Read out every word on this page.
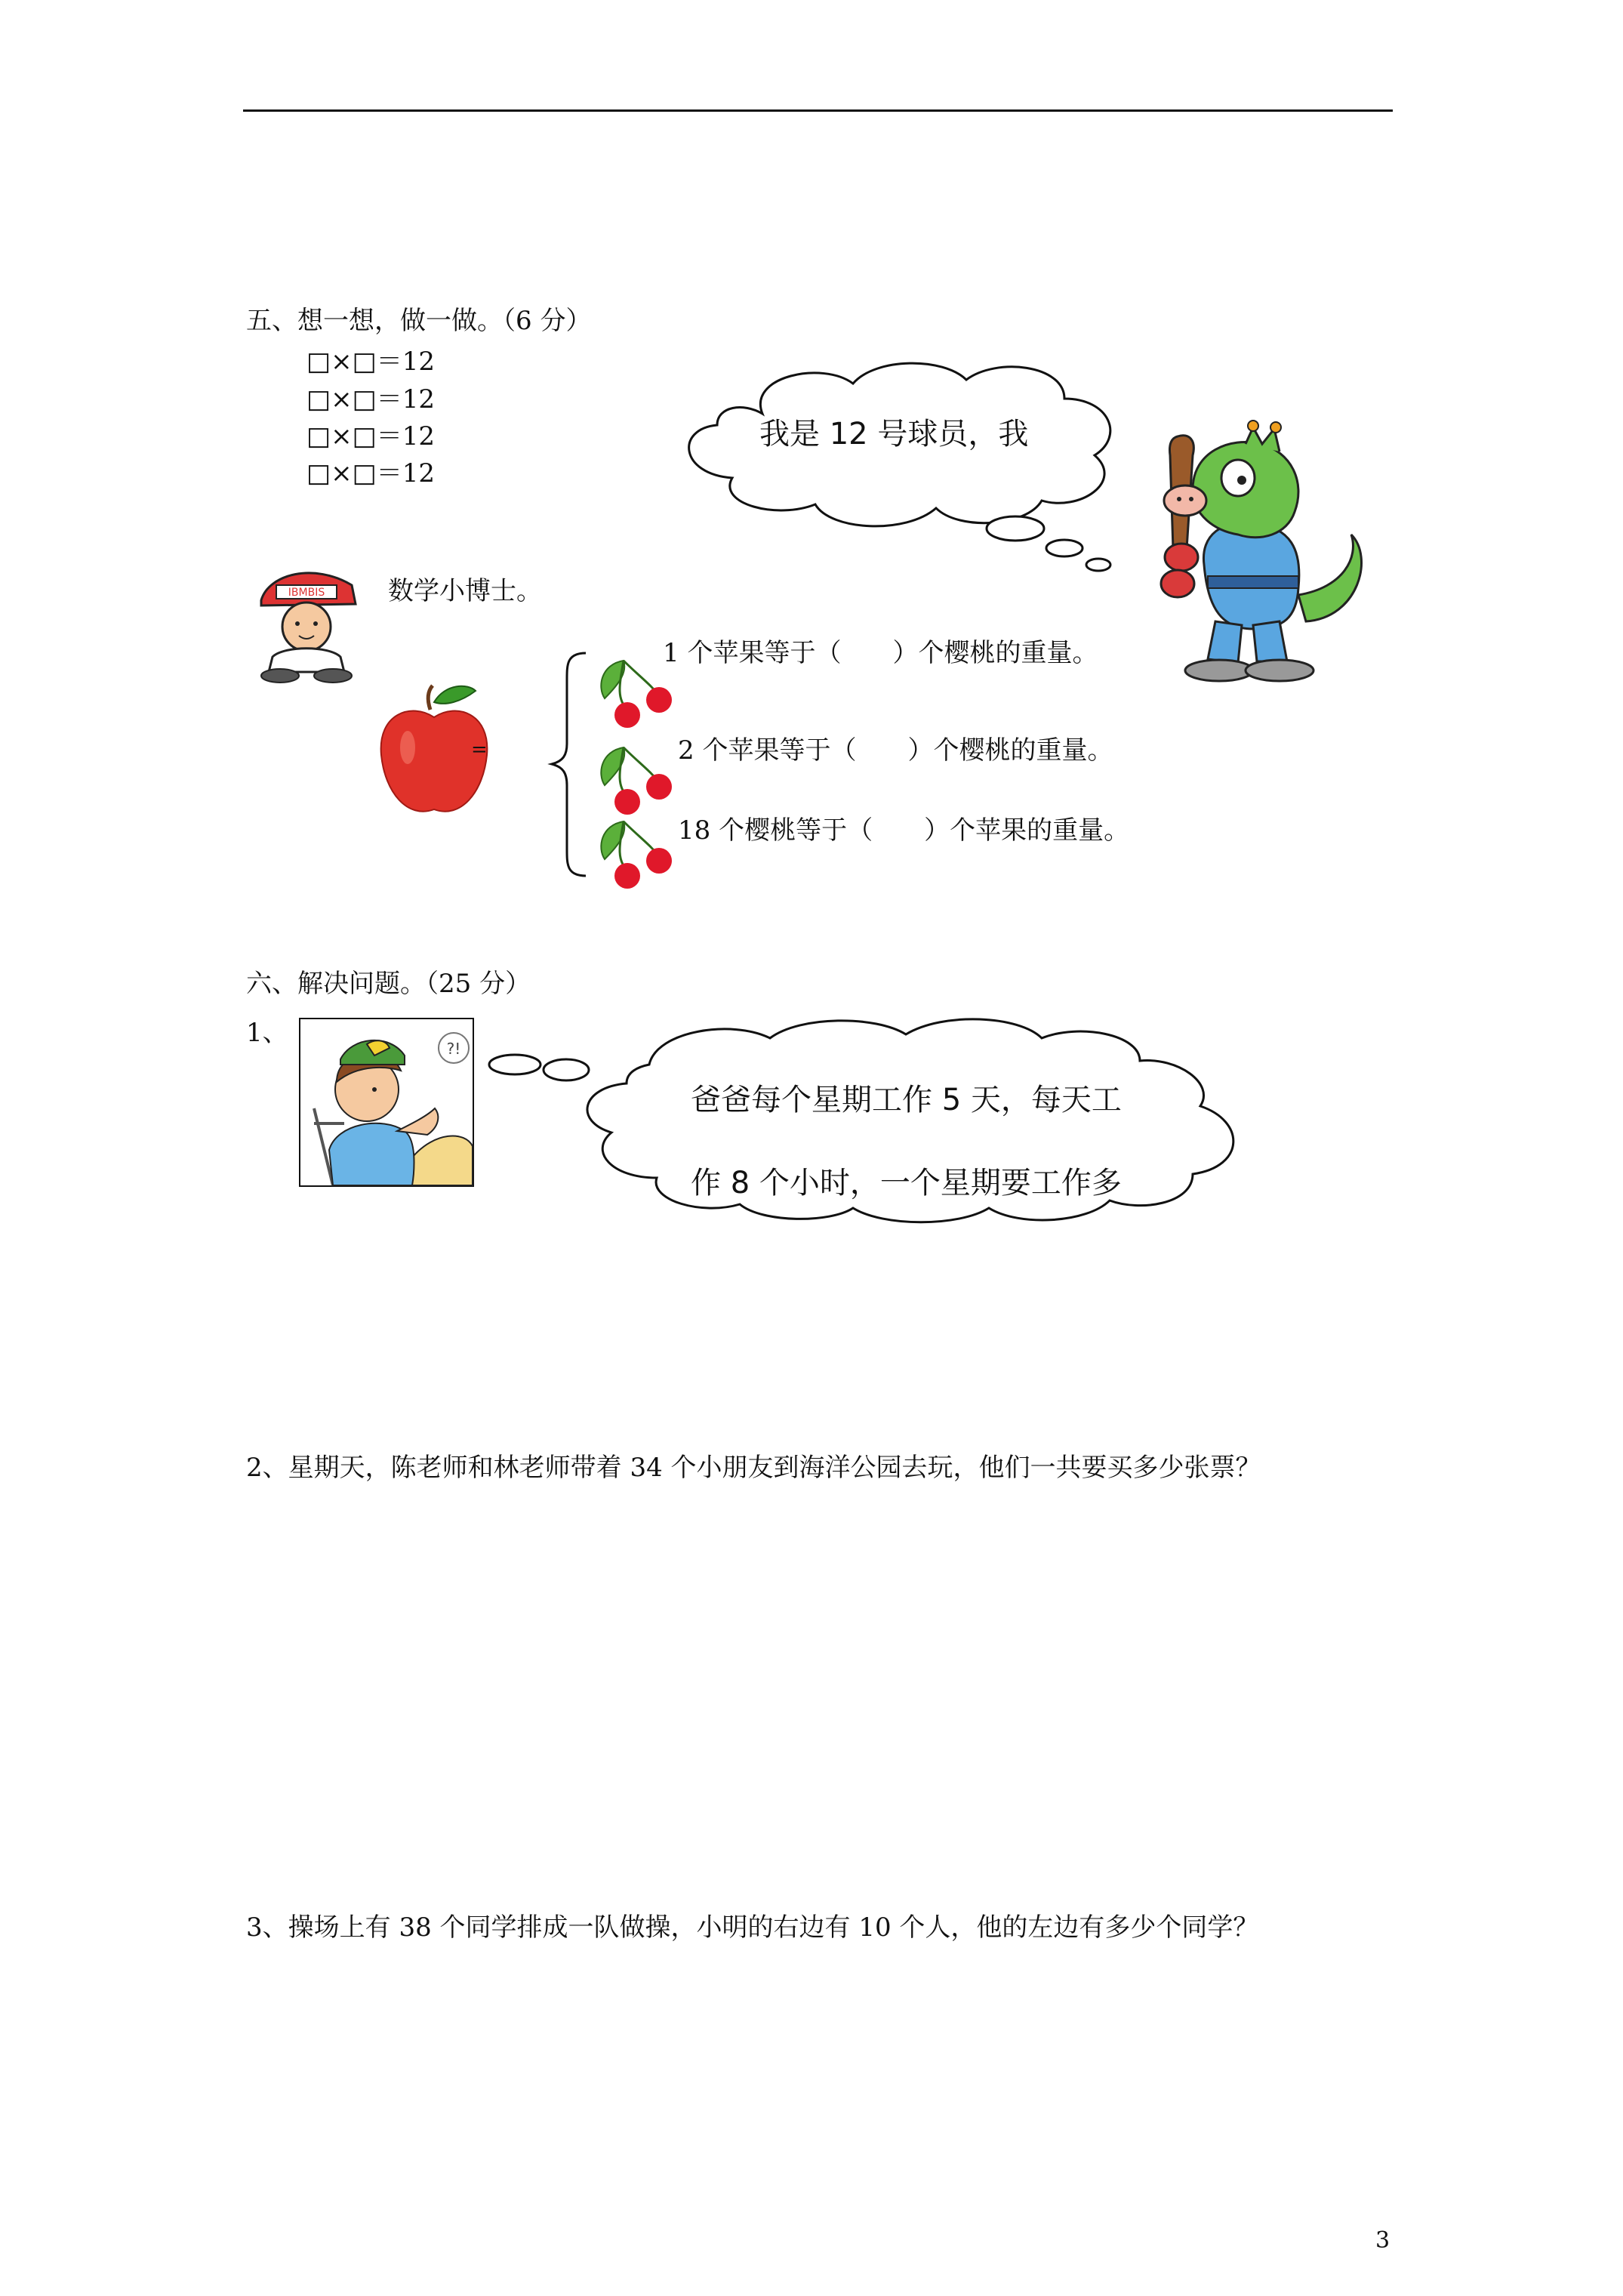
五、想一想，做一做。（6 分）
□×□＝12
□×□＝12
□×□＝12
□×□＝12
我是 12 号球员，我
IBMBIS 数学小博士。
=
1 个苹果等于（　　）个樱桃的重量。
2 个苹果等于（　　）个樱桃的重量。
18 个樱桃等于（　　）个苹果的重量。
六、解决问题。（25 分）
1、
?!
爸爸每个星期工作 5 天，每天工
作 8 个小时，一个星期要工作多
2、星期天，陈老师和林老师带着 34 个小朋友到海洋公园去玩，他们一共要买多少张票？
3、操场上有 38 个同学排成一队做操，小明的右边有 10 个人，他的左边有多少个同学？
3
